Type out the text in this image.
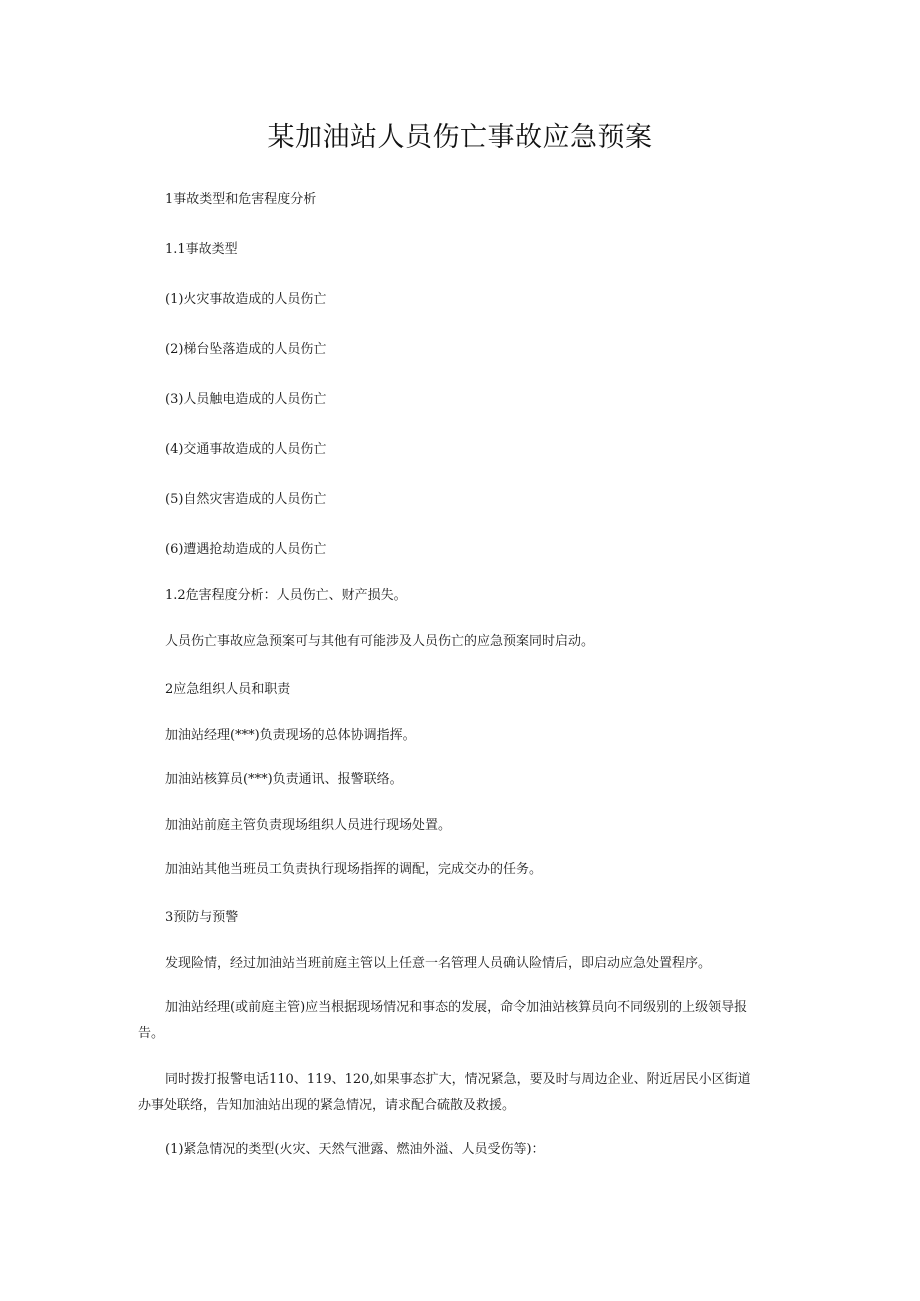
某加油站人员伤亡事故应急预案
1事故类型和危害程度分析
1.1事故类型
(1)火灾事故造成的人员伤亡
(2)梯台坠落造成的人员伤亡
(3)人员触电造成的人员伤亡
(4)交通事故造成的人员伤亡
(5)自然灾害造成的人员伤亡
(6)遭遇抢劫造成的人员伤亡
1.2危害程度分析：人员伤亡、财产损失。
人员伤亡事故应急预案可与其他有可能涉及人员伤亡的应急预案同时启动。
2应急组织人员和职责
加油站经理(***)负责现场的总体协调指挥。
加油站核算员(***)负责通讯、报警联络。
加油站前庭主管负责现场组织人员进行现场处置。
加油站其他当班员工负责执行现场指挥的调配，完成交办的任务。
3预防与预警
发现险情，经过加油站当班前庭主管以上任意一名管理人员确认险情后，即启动应急处置程序。
加油站经理(或前庭主管)应当根据现场情况和事态的发展，命令加油站核算员向不同级别的上级领导报告。
同时拨打报警电话110、119、120,如果事态扩大，情况紧急，要及时与周边企业、附近居民小区街道办事处联络，告知加油站出现的紧急情况，请求配合硫散及救援。
(1)紧急情况的类型(火灾、天然气泄露、燃油外溢、人员受伤等)：
